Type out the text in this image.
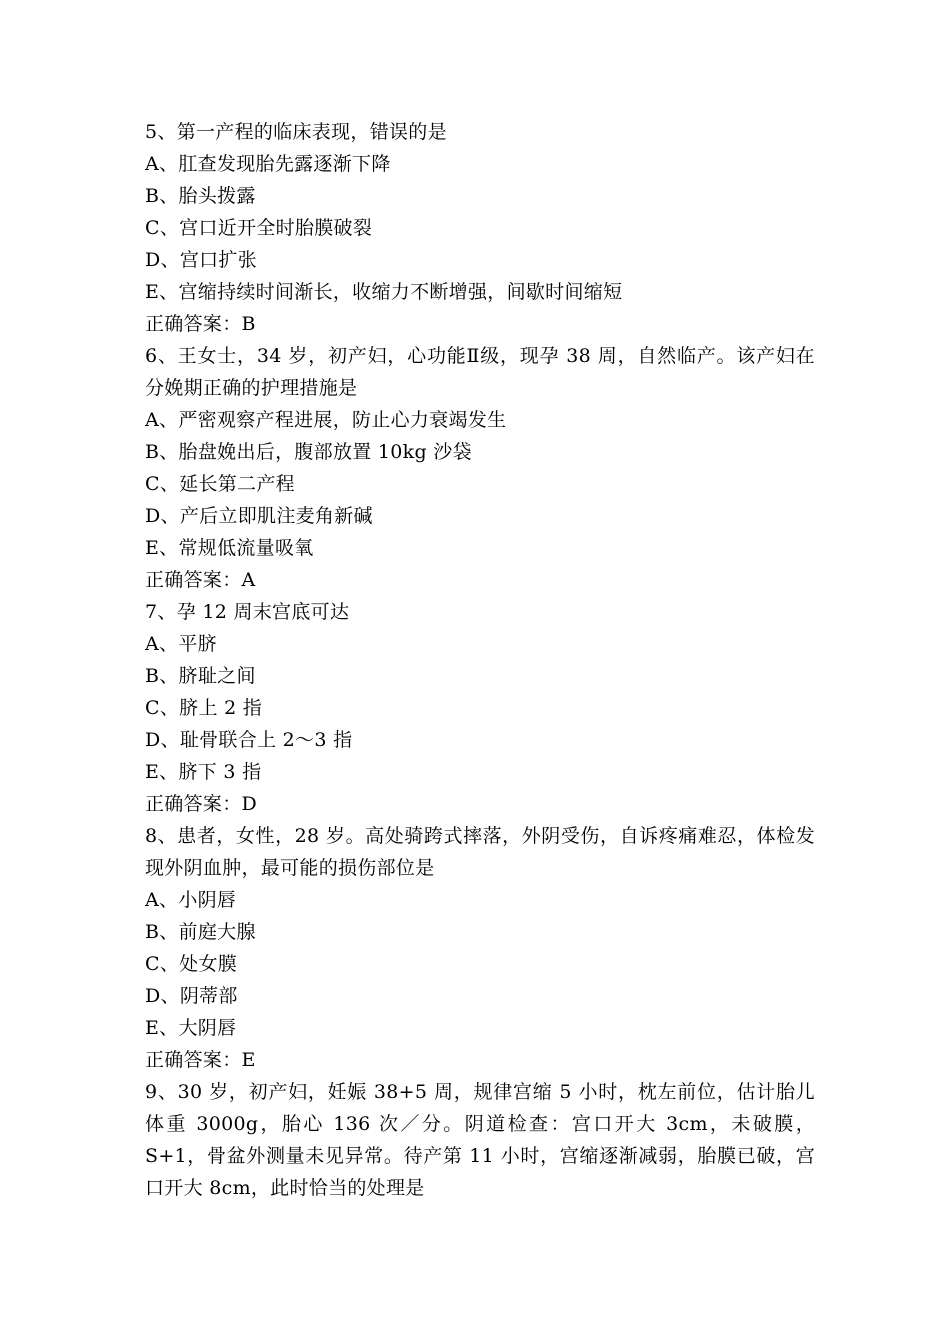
5、第一产程的临床表现，错误的是
A、肛查发现胎先露逐渐下降
B、胎头拨露
C、宫口近开全时胎膜破裂
D、宫口扩张
E、宫缩持续时间渐长，收缩力不断增强，间歇时间缩短
正确答案：B
6、王女士，34 岁，初产妇，心功能Ⅱ级，现孕 38 周，自然临产。该产妇在分娩期正确的护理措施是
A、严密观察产程进展，防止心力衰竭发生
B、胎盘娩出后，腹部放置 10kg 沙袋
C、延长第二产程
D、产后立即肌注麦角新碱
E、常规低流量吸氧
正确答案：A
7、孕 12 周末宫底可达
A、平脐
B、脐耻之间
C、脐上 2 指
D、耻骨联合上 2～3 指
E、脐下 3 指
正确答案：D
8、患者，女性，28 岁。高处骑跨式摔落，外阴受伤，自诉疼痛难忍，体检发现外阴血肿，最可能的损伤部位是
A、小阴唇
B、前庭大腺
C、处女膜
D、阴蒂部
E、大阴唇
正确答案：E
9、30 岁，初产妇，妊娠 38+5 周，规律宫缩 5 小时，枕左前位，估计胎儿体重 3000g，胎心 136 次／分。阴道检查：宫口开大 3cm，未破膜，S+1，骨盆外测量未见异常。待产第 11 小时，宫缩逐渐减弱，胎膜已破，宫口开大 8cm，此时恰当的处理是
